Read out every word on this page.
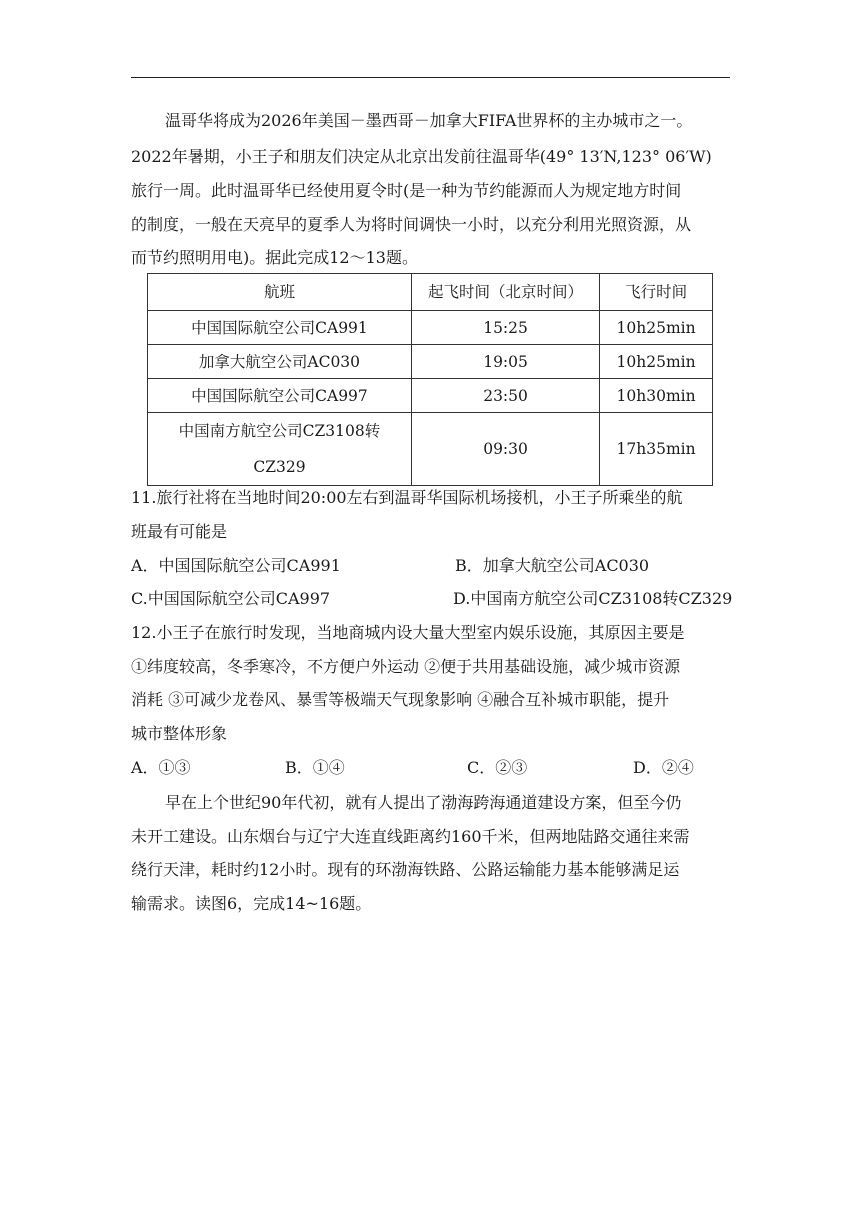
温哥华将成为2026年美国－墨西哥－加拿大FIFA世界杯的主办城市之一。
2022年暑期，小王子和朋友们决定从北京出发前往温哥华(49° 13′N,123° 06′W)
旅行一周。此时温哥华已经使用夏令时(是一种为节约能源而人为规定地方时间
的制度，一般在天亮早的夏季人为将时间调快一小时，以充分利用光照资源，从
而节约照明用电)。据此完成12～13题。
航班	起飞时间（北京时间）	飞行时间
中国国际航空公司CA991	15:25	10h25min
加拿大航空公司AC030	19:05	10h25min
中国国际航空公司CA997	23:50	10h30min

中国南方航空公司CZ3108转
CZ329	09:30	17h35min
11.旅行社将在当地时间20:00左右到温哥华国际机场接机，小王子所乘坐的航
班最有可能是
A．中国国际航空公司CA991	B．加拿大航空公司AC030
C.中国国际航空公司CA997	D.中国南方航空公司CZ3108转CZ329
12.小王子在旅行时发现，当地商城内设大量大型室内娱乐设施，其原因主要是
①纬度较高，冬季寒冷，不方便户外运动 ②便于共用基础设施，减少城市资源
消耗 ③可减少龙卷风、暴雪等极端天气现象影响 ④融合互补城市职能，提升
城市整体形象
A．①③	B．①④	C．②③	D．②④
早在上个世纪90年代初，就有人提出了渤海跨海通道建设方案，但至今仍
未开工建设。山东烟台与辽宁大连直线距离约160千米，但两地陆路交通往来需
绕行天津，耗时约12小时。现有的环渤海铁路、公路运输能力基本能够满足运
输需求。读图6，完成14~16题。
